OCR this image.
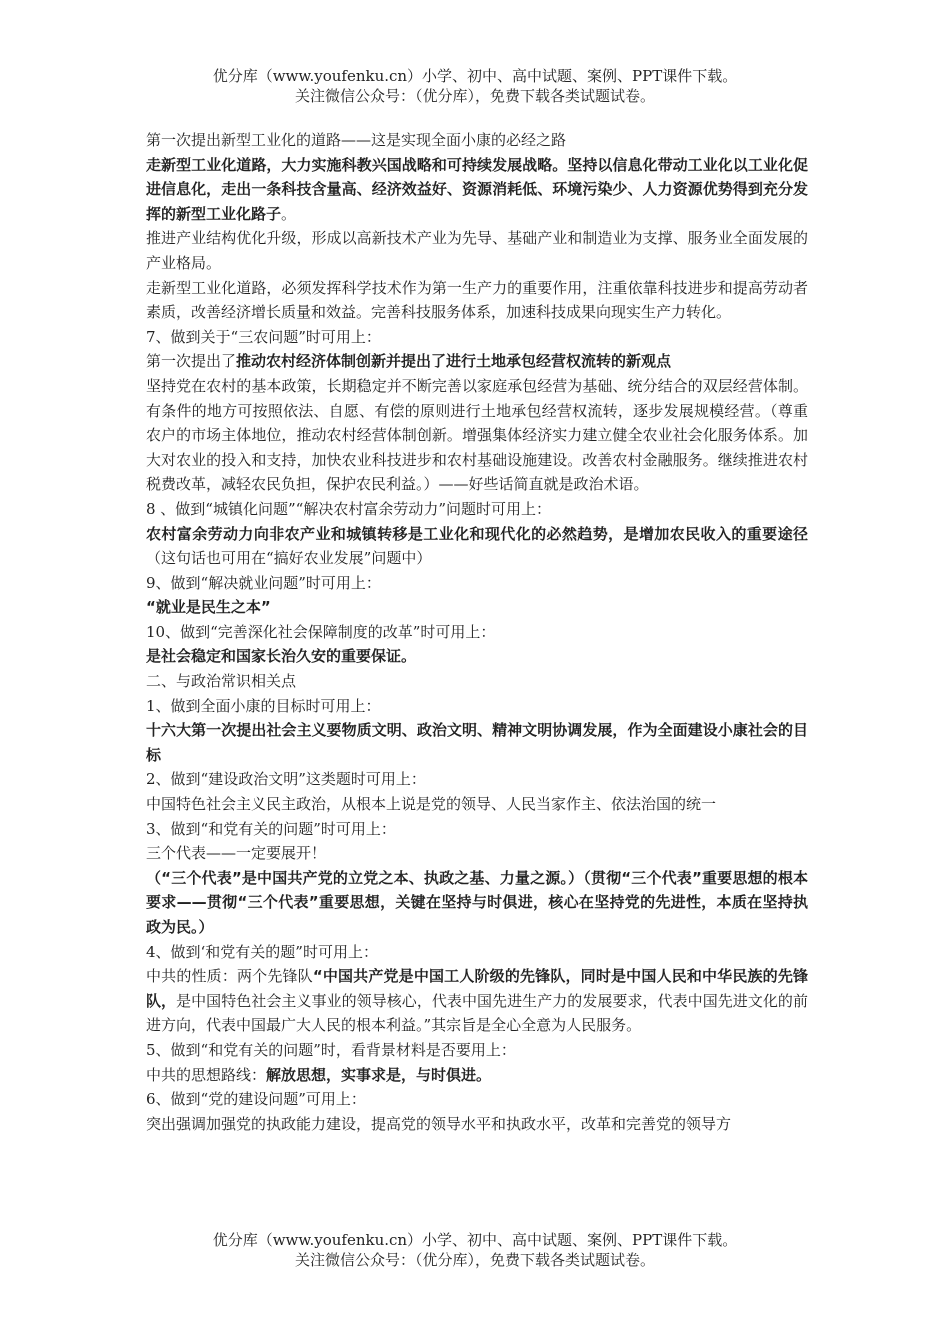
优分库（www.youfenku.cn）小学、初中、高中试题、案例、PPT课件下载。
关注微信公众号：（优分库），免费下载各类试题试卷。

第一次提出新型工业化的道路——这是实现全面小康的必经之路

走新型工业化道路，大力实施科教兴国战略和可持续发展战略。坚持以信息化带动工业化以工业化促进信息化，走出一条科技含量高、经济效益好、资源消耗低、环境污染少、人力资源优势得到充分发挥的新型工业化路子。

推进产业结构优化升级，形成以高新技术产业为先导、基础产业和制造业为支撑、服务业全面发展的产业格局。

走新型工业化道路，必须发挥科学技术作为第一生产力的重要作用，注重依靠科技进步和提高劳动者素质，改善经济增长质量和效益。完善科技服务体系，加速科技成果向现实生产力转化。

7、做到关于“三农问题”时可用上：

第一次提出了推动农村经济体制创新并提出了进行土地承包经营权流转的新观点

坚持党在农村的基本政策，长期稳定并不断完善以家庭承包经营为基础、统分结合的双层经营体制。有条件的地方可按照依法、自愿、有偿的原则进行土地承包经营权流转，逐步发展规模经营。（尊重农户的市场主体地位，推动农村经营体制创新。增强集体经济实力建立健全农业社会化服务体系。加大对农业的投入和支持，加快农业科技进步和农村基础设施建设。改善农村金融服务。继续推进农村税费改革，减轻农民负担，保护农民利益。）——好些话简直就是政治术语。

8 、做到“城镇化问题”“解决农村富余劳动力”问题时可用上：

农村富余劳动力向非农产业和城镇转移是工业化和现代化的必然趋势，是增加农民收入的重要途径（这句话也可用在“搞好农业发展”问题中）

9、做到“解决就业问题”时可用上：

“就业是民生之本”

10、做到“完善深化社会保障制度的改革”时可用上：

是社会稳定和国家长治久安的重要保证。

二、与政治常识相关点

1、做到全面小康的目标时可用上：

十六大第一次提出社会主义要物质文明、政治文明、精神文明协调发展，作为全面建设小康社会的目标

2、做到“建设政治文明”这类题时可用上：

中国特色社会主义民主政治，从根本上说是党的领导、人民当家作主、依法治国的统一

3、做到“和党有关的问题”时可用上：

三个代表——一定要展开！

（“三个代表”是中国共产党的立党之本、执政之基、力量之源。）（贯彻“三个代表”重要思想的根本要求——贯彻“三个代表”重要思想，关键在坚持与时俱进，核心在坚持党的先进性，本质在坚持执政为民。）

4、做到‘和党有关的题”时可用上：

中共的性质：两个先锋队“中国共产党是中国工人阶级的先锋队，同时是中国人民和中华民族的先锋队，是中国特色社会主义事业的领导核心，代表中国先进生产力的发展要求，代表中国先进文化的前进方向，代表中国最广大人民的根本利益。”其宗旨是全心全意为人民服务。

5、做到“和党有关的问题”时，看背景材料是否要用上：

中共的思想路线：解放思想，实事求是，与时俱进。

6、做到“党的建设问题”可用上：

突出强调加强党的执政能力建设，提高党的领导水平和执政水平，改革和完善党的领导方

优分库（www.youfenku.cn）小学、初中、高中试题、案例、PPT课件下载。
关注微信公众号：（优分库），免费下载各类试题试卷。
